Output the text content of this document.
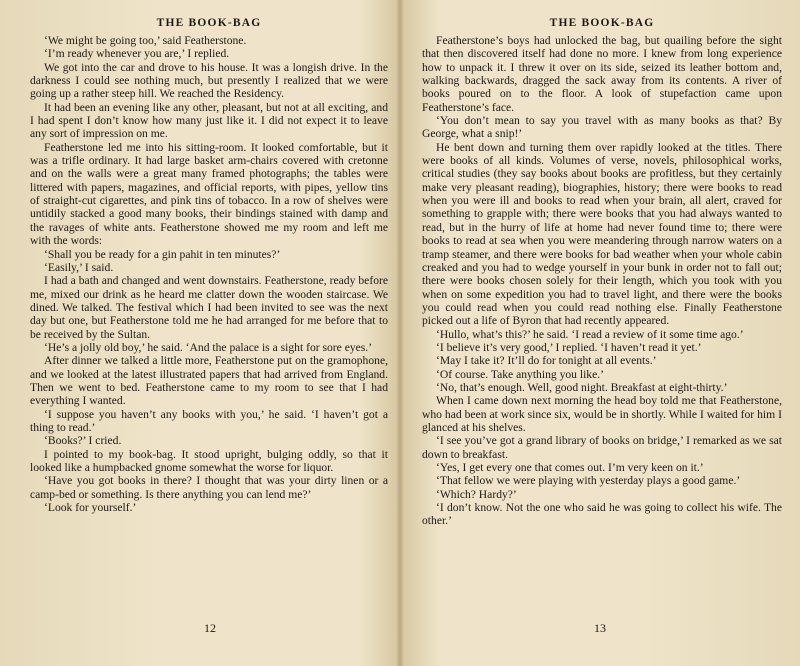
THE BOOK-BAG

‘We might be going too,’ said Featherstone.

‘I’m ready whenever you are,’ I replied.

We got into the car and drove to his house. It was a longish drive. In the darkness I could see nothing much, but presently I realized that we were going up a rather steep hill. We reached the Residency.

It had been an evening like any other, pleasant, but not at all exciting, and I had spent I don’t know how many just like it. I did not expect it to leave any sort of impression on me.

Featherstone led me into his sitting-room. It looked comfortable, but it was a trifle ordinary. It had large basket arm-chairs covered with cretonne and on the walls were a great many framed photographs; the tables were littered with papers, magazines, and official reports, with pipes, yellow tins of straight-cut cigarettes, and pink tins of tobacco. In a row of shelves were untidily stacked a good many books, their bindings stained with damp and the ravages of white ants. Featherstone showed me my room and left me with the words:

‘Shall you be ready for a gin pahit in ten minutes?’

‘Easily,’ I said.

I had a bath and changed and went downstairs. Featherstone, ready before me, mixed our drink as he heard me clatter down the wooden staircase. We dined. We talked. The festival which I had been invited to see was the next day but one, but Featherstone told me he had arranged for me before that to be received by the Sultan.

‘He’s a jolly old boy,’ he said. ‘And the palace is a sight for sore eyes.’

After dinner we talked a little more, Featherstone put on the gramophone, and we looked at the latest illustrated papers that had arrived from England. Then we went to bed. Featherstone came to my room to see that I had everything I wanted.

‘I suppose you haven’t any books with you,’ he said. ‘I haven’t got a thing to read.’

‘Books?’ I cried.

I pointed to my book-bag. It stood upright, bulging oddly, so that it looked like a humpbacked gnome somewhat the worse for liquor.

‘Have you got books in there? I thought that was your dirty linen or a camp-bed or something. Is there anything you can lend me?’

‘Look for yourself.’

12
THE BOOK-BAG

Featherstone’s boys had unlocked the bag, but quailing before the sight that then discovered itself had done no more. I knew from long experience how to unpack it. I threw it over on its side, seized its leather bottom and, walking backwards, dragged the sack away from its contents. A river of books poured on to the floor. A look of stupefaction came upon Featherstone’s face.

‘You don’t mean to say you travel with as many books as that? By George, what a snip!’

He bent down and turning them over rapidly looked at the titles. There were books of all kinds. Volumes of verse, novels, philosophical works, critical studies (they say books about books are profitless, but they certainly make very pleasant reading), biographies, history; there were books to read when you were ill and books to read when your brain, all alert, craved for something to grapple with; there were books that you had always wanted to read, but in the hurry of life at home had never found time to; there were books to read at sea when you were meandering through narrow waters on a tramp steamer, and there were books for bad weather when your whole cabin creaked and you had to wedge yourself in your bunk in order not to fall out; there were books chosen solely for their length, which you took with you when on some expedition you had to travel light, and there were the books you could read when you could read nothing else. Finally Featherstone picked out a life of Byron that had recently appeared.

‘Hullo, what’s this?’ he said. ‘I read a review of it some time ago.’

‘I believe it’s very good,’ I replied. ‘I haven’t read it yet.’

‘May I take it? It’ll do for tonight at all events.’

‘Of course. Take anything you like.’

‘No, that’s enough. Well, good night. Breakfast at eight-thirty.’

When I came down next morning the head boy told me that Featherstone, who had been at work since six, would be in shortly. While I waited for him I glanced at his shelves.

‘I see you’ve got a grand library of books on bridge,’ I remarked as we sat down to breakfast.

‘Yes, I get every one that comes out. I’m very keen on it.’

‘That fellow we were playing with yesterday plays a good game.’

‘Which? Hardy?’

‘I don’t know. Not the one who said he was going to collect his wife. The other.’

13
